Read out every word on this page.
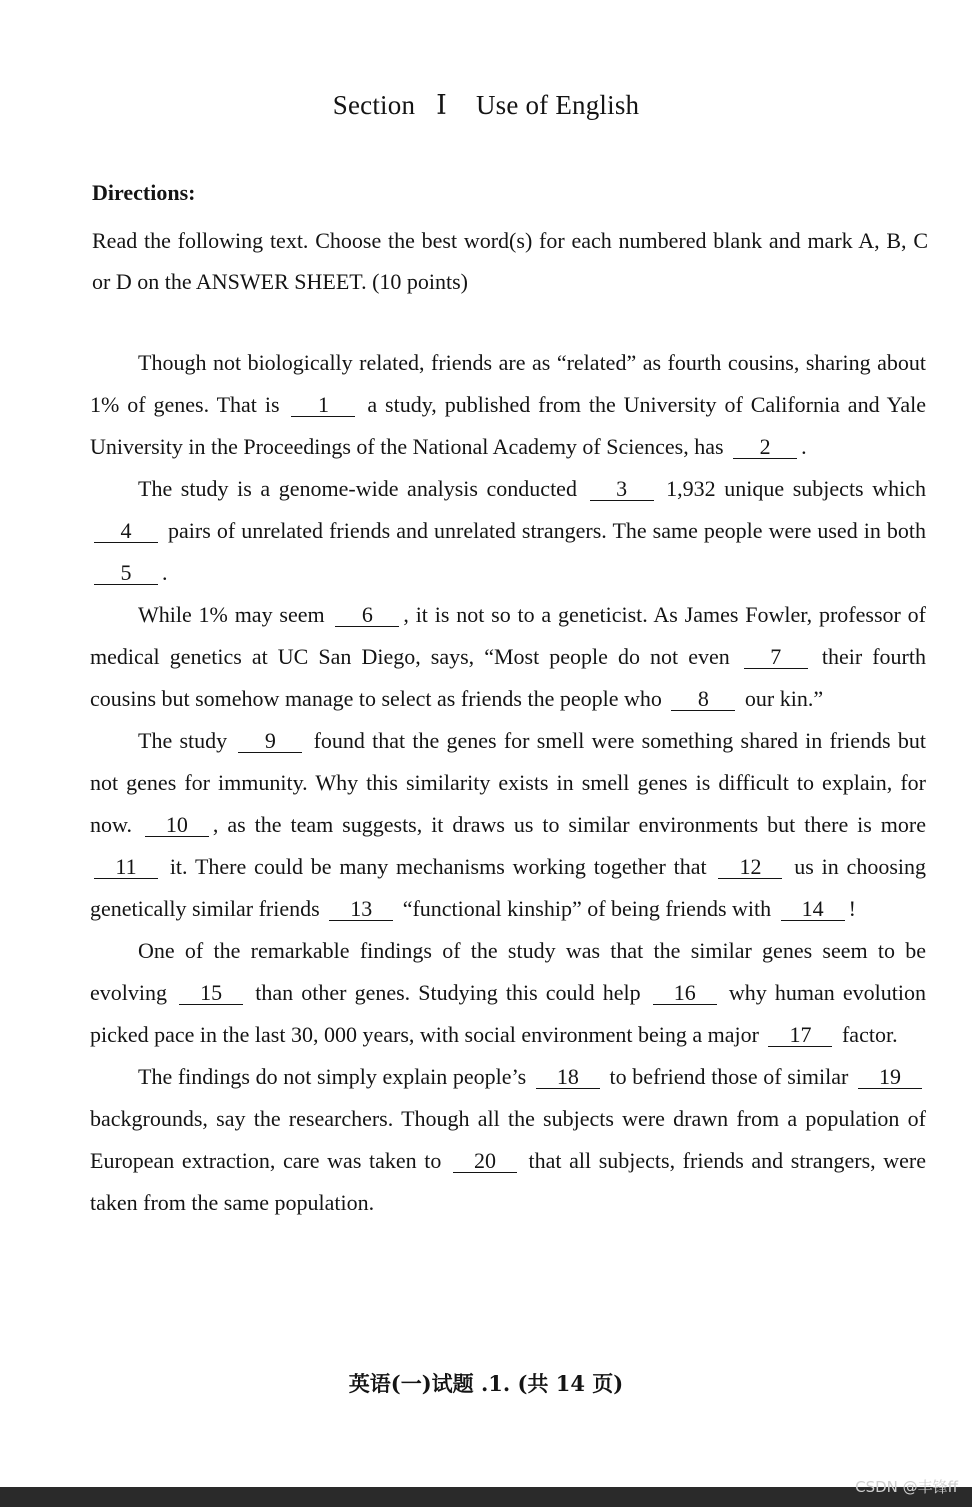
Section Ⅰ Use of English
Directions:
Read the following text. Choose the best word(s) for each numbered blank and mark A, B, C or D on the ANSWER SHEET. (10 points)

Though not biologically related, friends are as “related” as fourth cousins, sharing about 1% of genes. That is 1 a study, published from the University of California and Yale University in the Proceedings of the National Academy of Sciences, has 2 .

The study is a genome-wide analysis conducted 3 1,932 unique subjects which 4 pairs of unrelated friends and unrelated strangers. The same people were used in both 5 .

While 1% may seem 6 , it is not so to a geneticist. As James Fowler, professor of medical genetics at UC San Diego, says, “Most people do not even 7 their fourth cousins but somehow manage to select as friends the people who 8 our kin.”

The study 9 found that the genes for smell were something shared in friends but not genes for immunity. Why this similarity exists in smell genes is difficult to explain, for now. 10 , as the team suggests, it draws us to similar environments but there is more 11 it. There could be many mechanisms working together that 12 us in choosing genetically similar friends 13 “functional kinship” of being friends with 14 !

One of the remarkable findings of the study was that the similar genes seem to be evolving 15 than other genes. Studying this could help 16 why human evolution picked pace in the last 30, 000 years, with social environment being a major 17 factor.

The findings do not simply explain people’s 18 to befriend those of similar 19 backgrounds, say the researchers. Though all the subjects were drawn from a population of European extraction, care was taken to 20 that all subjects, friends and strangers, were taken from the same population.

英语(一)试题 .1. (共 14 页)
CSDN @丰锋ff
